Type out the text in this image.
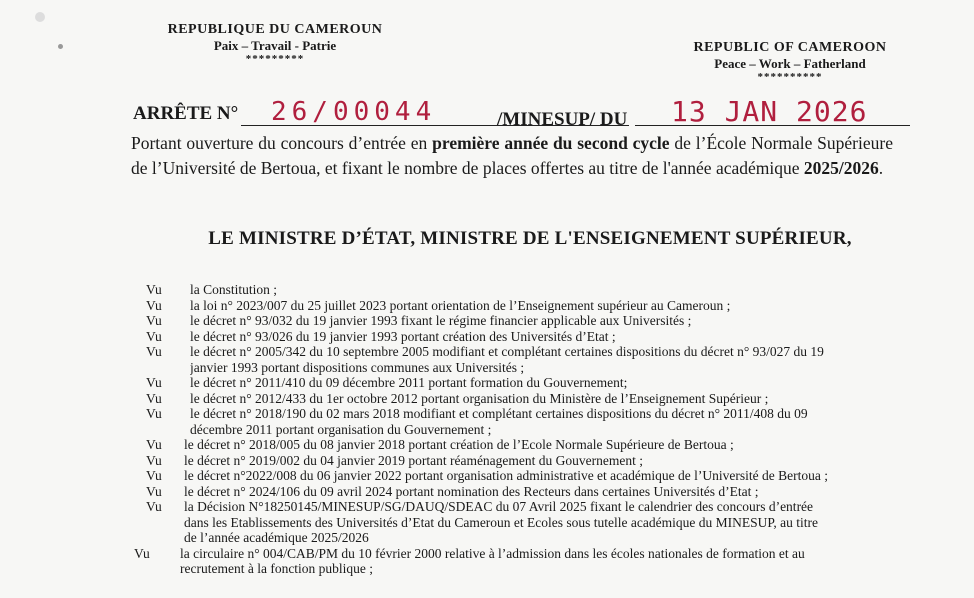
REPUBLIQUE DU CAMEROUN
Paix – Travail - Patrie
*********
REPUBLIC OF CAMEROON
Peace – Work – Fatherland
**********
ARRÊTE N° 26/00044	/MINESUP/ DU 13 JAN 2026
Portant ouverture du concours d’entrée en première année du second cycle de l’École Normale Supérieure de l’Université de Bertoua, et fixant le nombre de places offertes au titre de l'année académique 2025/2026.
LE MINISTRE D’ÉTAT, MINISTRE DE L'ENSEIGNEMENT SUPÉRIEUR,
Vu	la Constitution ;
Vu	la loi n° 2023/007 du 25 juillet 2023 portant orientation de l’Enseignement supérieur au Cameroun ;
Vu	le décret n° 93/032 du 19 janvier 1993 fixant le régime financier applicable aux Universités ;
Vu	le décret n° 93/026 du 19 janvier 1993 portant création des Universités d’Etat ;
Vu	le décret n° 2005/342 du 10 septembre 2005 modifiant et complétant certaines dispositions du décret n° 93/027 du 19
janvier 1993 portant dispositions communes aux Universités ;
Vu	le décret n° 2011/410 du 09 décembre 2011 portant formation du Gouvernement;
Vu	le décret n° 2012/433 du 1er octobre 2012 portant organisation du Ministère de l’Enseignement Supérieur ;
Vu	le décret n° 2018/190 du 02 mars 2018 modifiant et complétant certaines dispositions du décret n° 2011/408 du 09
décembre 2011 portant organisation du Gouvernement ;
Vu	le décret n° 2018/005 du 08 janvier 2018 portant création de l’Ecole Normale Supérieure de Bertoua ;
Vu	le décret n° 2019/002 du 04 janvier 2019 portant réaménagement du Gouvernement ;
Vu	le décret n°2022/008 du 06 janvier 2022 portant organisation administrative et académique de l’Université de Bertoua ;
Vu	le décret n° 2024/106 du 09 avril 2024 portant nomination des Recteurs dans certaines Universités d’Etat ;
Vu	la Décision N°18250145/MINESUP/SG/DAUQ/SDEAC du 07 Avril 2025 fixant le calendrier des concours d’entrée
dans les Etablissements des Universités d’Etat du Cameroun et Ecoles sous tutelle académique du MINESUP, au titre
de l’année académique 2025/2026
Vu	la circulaire n° 004/CAB/PM du 10 février 2000 relative à l’admission dans les écoles nationales de formation et au
recrutement à la fonction publique ;
